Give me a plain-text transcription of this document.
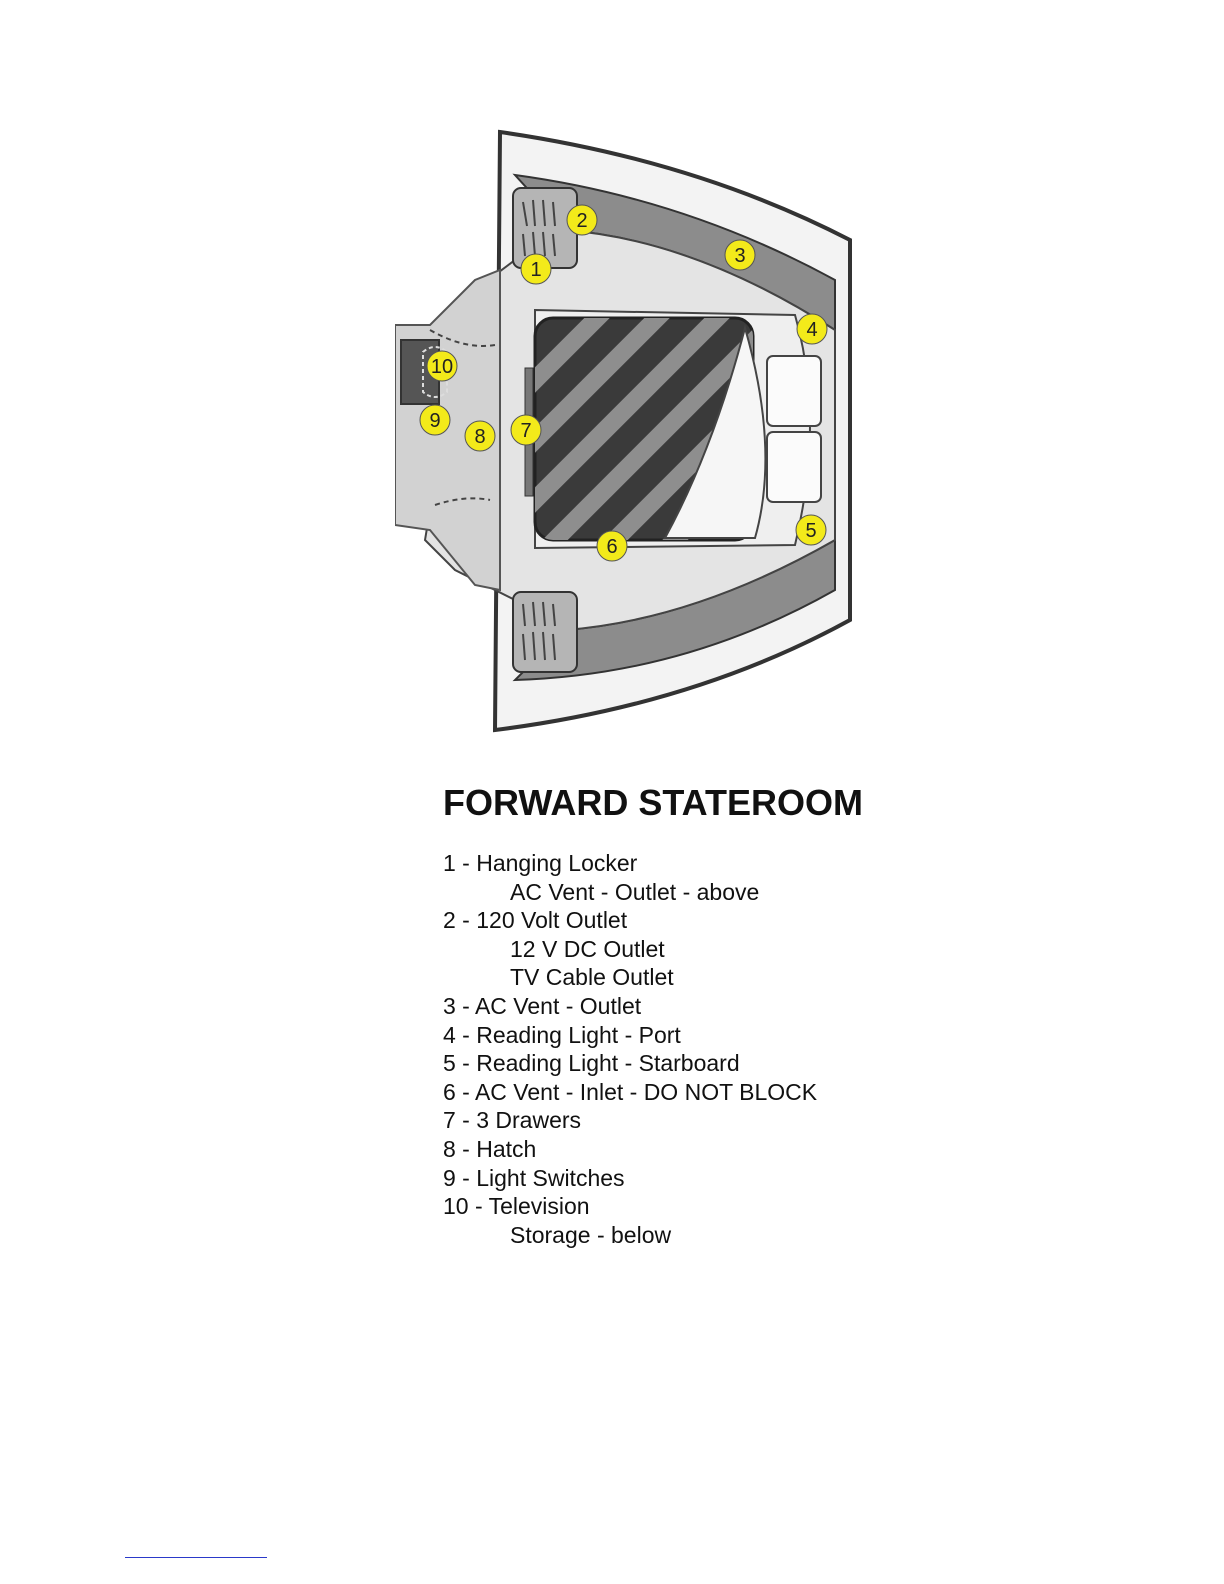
1
2
3
4
5
6
7
8
9
10
FORWARD STATEROOM
1 - Hanging Locker
AC Vent - Outlet - above
2 - 120 Volt Outlet
12 V DC Outlet
TV Cable Outlet
3 - AC Vent - Outlet
4 - Reading Light - Port
5 - Reading Light - Starboard
6 - AC Vent - Inlet - DO NOT BLOCK
7 - 3 Drawers
8 - Hatch
9 - Light Switches
10 - Television
Storage - below
